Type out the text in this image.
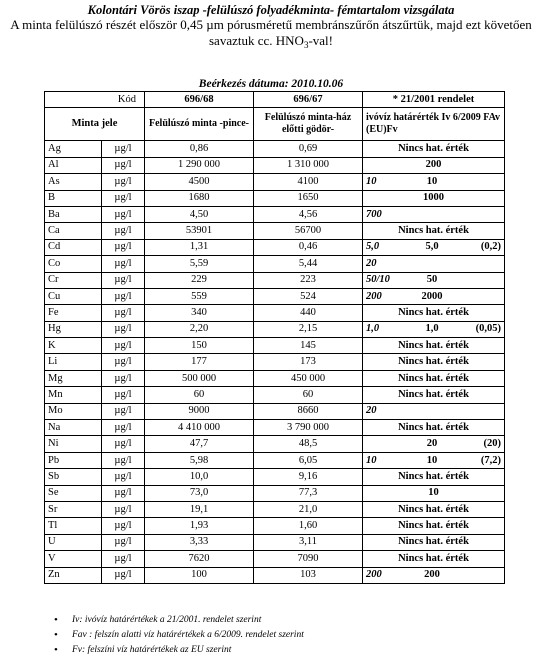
Kolontári Vörös iszap -felülúszó folyadékminta- fémtartalom vizsgálata
A minta felülúszó részét először 0,45 µm pórusméretű membránszűrőn átszűrtük, majd ezt követően savaztuk cc. $HNO_3$-val!
Beérkezés dátuma: 2010.10.06
Kód		696/68	696/67	* 21/2001 rendelet
Minta jele		Felülúszó minta -pince-	Felülúszó minta-ház előtti gödör-	ivóvíz határérték Iv 6/2009 FAv (EU)Fv
Ag	µg/l	0,86	0,69	Nincs hat. érték

Al	µg/l	1 290 000	1 310 000	200

As	µg/l	4500	4100	10 10

B	µg/l	1680	1650	1000

Ba	µg/l	4,50	4,56	700

Ca	µg/l	53901	56700	Nincs hat. érték

Cd	µg/l	1,31	0,46	5,0 5,0 (0,2)

Co	µg/l	5,59	5,44	20

Cr	µg/l	229	223	50/10 50

Cu	µg/l	559	524	200 2000

Fe	µg/l	340	440	Nincs hat. érték

Hg	µg/l	2,20	2,15	1,0 1,0 (0,05)

K	µg/l	150	145	Nincs hat. érték

Li	µg/l	177	173	Nincs hat. érték

Mg	µg/l	500 000	450 000	Nincs hat. érték

Mn	µg/l	60	60	Nincs hat. érték

Mo	µg/l	9000	8660	20

Na	µg/l	4 410 000	3 790 000	Nincs hat. érték

Ni	µg/l	47,7	48,5	20 (20)

Pb	µg/l	5,98	6,05	10 10 (7,2)

Sb	µg/l	10,0	9,16	Nincs hat. érték

Se	µg/l	73,0	77,3	10

Sr	µg/l	19,1	21,0	Nincs hat. érték

Tl	µg/l	1,93	1,60	Nincs hat. érték

U	µg/l	3,33	3,11	Nincs hat. érték

V	µg/l	7620	7090	Nincs hat. érték

Zn	µg/l	100	103	200 200
• Iv: ivóvíz határértékek a 21/2001. rendelet szerint
• Fav : felszín alatti víz határértékek a 6/2009. rendelet szerint
• Fv: felszíni víz határértékek az EU szerint
